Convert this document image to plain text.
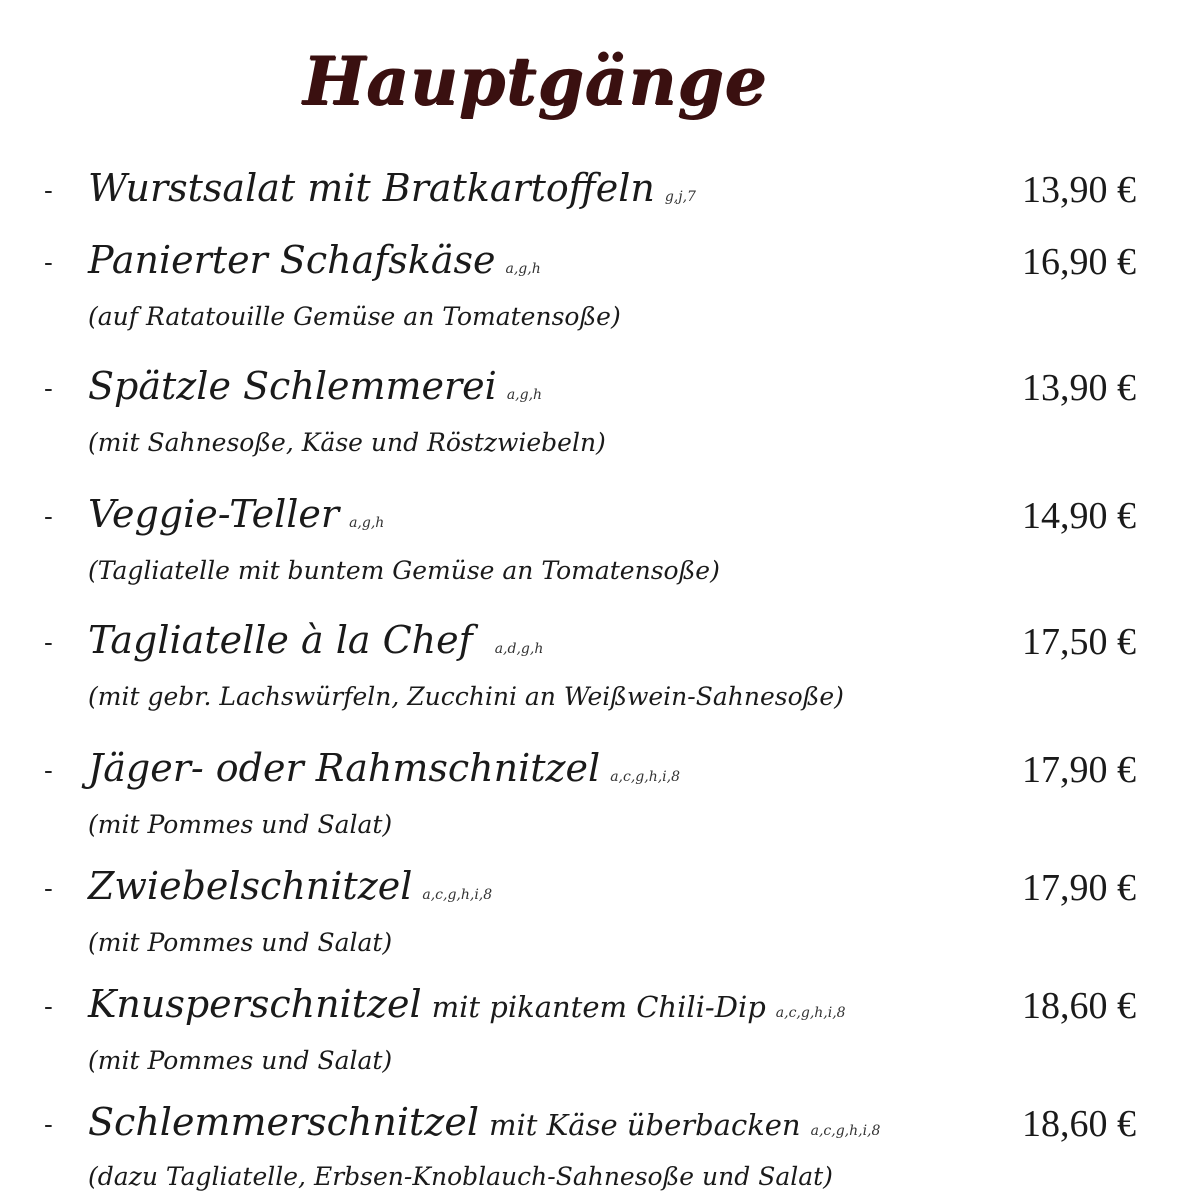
Hauptgänge
- Wurstsalat mit Bratkartoffeln g,j,7	13,90 €
- Panierter Schafskäse a,g,h	16,90 €
(auf Ratatouille Gemüse an Tomatensoße)
- Spätzle Schlemmerei a,g,h	13,90 €
(mit Sahnesoße, Käse und Röstzwiebeln)
- Veggie-Teller a,g,h	14,90 €
(Tagliatelle mit buntem Gemüse an Tomatensoße)
- Tagliatelle à la Chef a,d,g,h	17,50 €
(mit gebr. Lachswürfeln, Zucchini an Weißwein-Sahnesoße)
- Jäger- oder Rahmschnitzel a,c,g,h,i,8	17,90 €
(mit Pommes und Salat)
- Zwiebelschnitzel a,c,g,h,i,8	17,90 €
(mit Pommes und Salat)
- Knusperschnitzel mit pikantem Chili-Dip a,c,g,h,i,8	18,60 €
(mit Pommes und Salat)
- Schlemmerschnitzel mit Käse überbacken a,c,g,h,i,8	18,60 €
(dazu Tagliatelle, Erbsen-Knoblauch-Sahnesoße und Salat)
